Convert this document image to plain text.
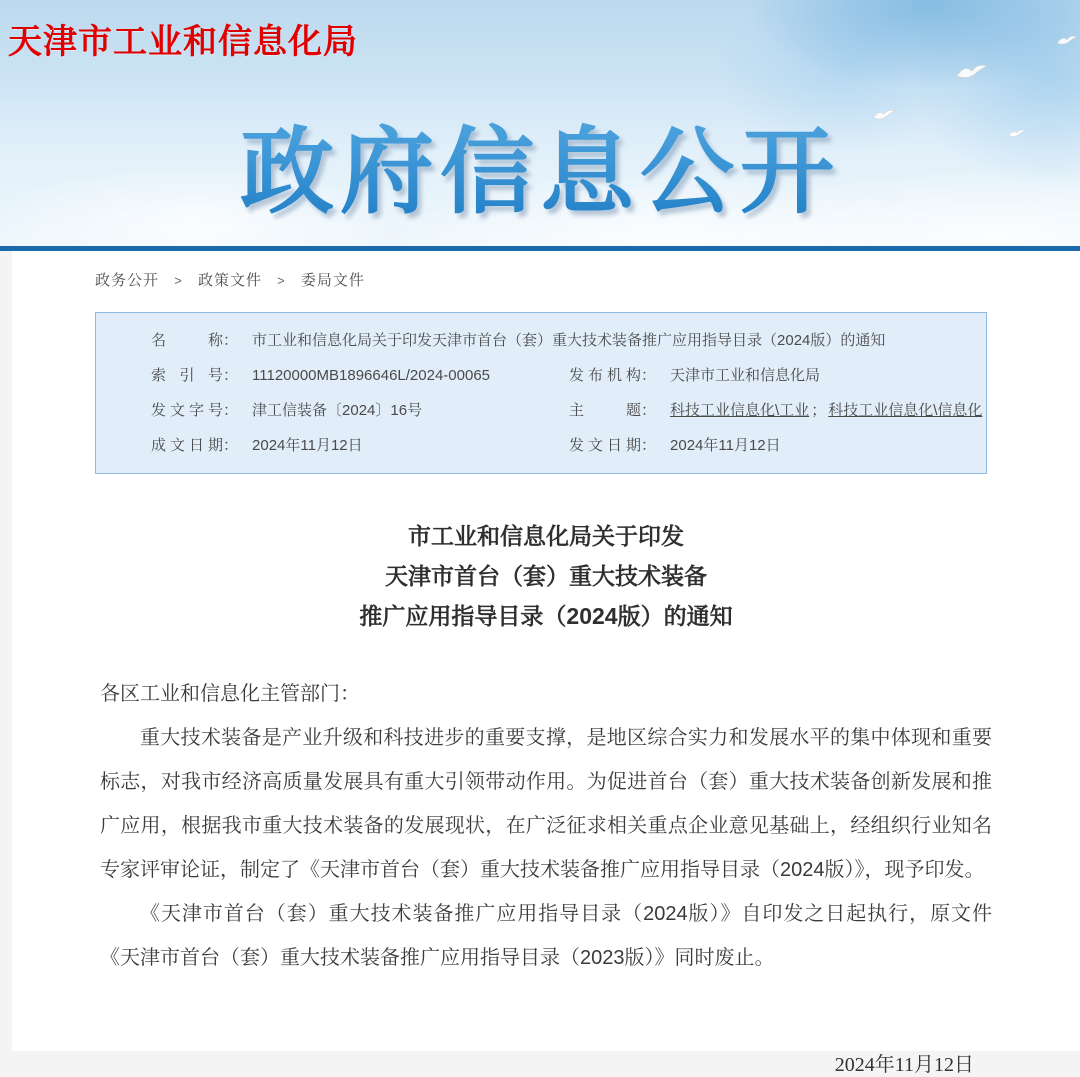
天津市工业和信息化局
政府信息公开
政务公开 > 政策文件 > 委局文件
名称： 市工业和信息化局关于印发天津市首台（套）重大技术装备推广应用指导目录（2024版）的通知
索引号： 11120000MB1896646L/2024-00065	发布机构： 天津市工业和信息化局
发文字号： 津工信装备〔2024〕16号	主题： 科技工业信息化\工业 ； 科技工业信息化\信息化
成文日期： 2024年11月12日	发文日期： 2024年11月12日
市工业和信息化局关于印发
天津市首台（套）重大技术装备
推广应用指导目录（2024版）的通知

各区工业和信息化主管部门：

重大技术装备是产业升级和科技进步的重要支撑，是地区综合实力和发展水平的集中体现和重要标志，对我市经济高质量发展具有重大引领带动作用。为促进首台（套）重大技术装备创新发展和推广应用，根据我市重大技术装备的发展现状，在广泛征求相关重点企业意见基础上，经组织行业知名专家评审论证，制定了《天津市首台（套）重大技术装备推广应用指导目录（2024版）》，现予印发。

《天津市首台（套）重大技术装备推广应用指导目录（2024版）》自印发之日起执行，原文件《天津市首台（套）重大技术装备推广应用指导目录（2023版）》同时废止。

2024年11月12日
